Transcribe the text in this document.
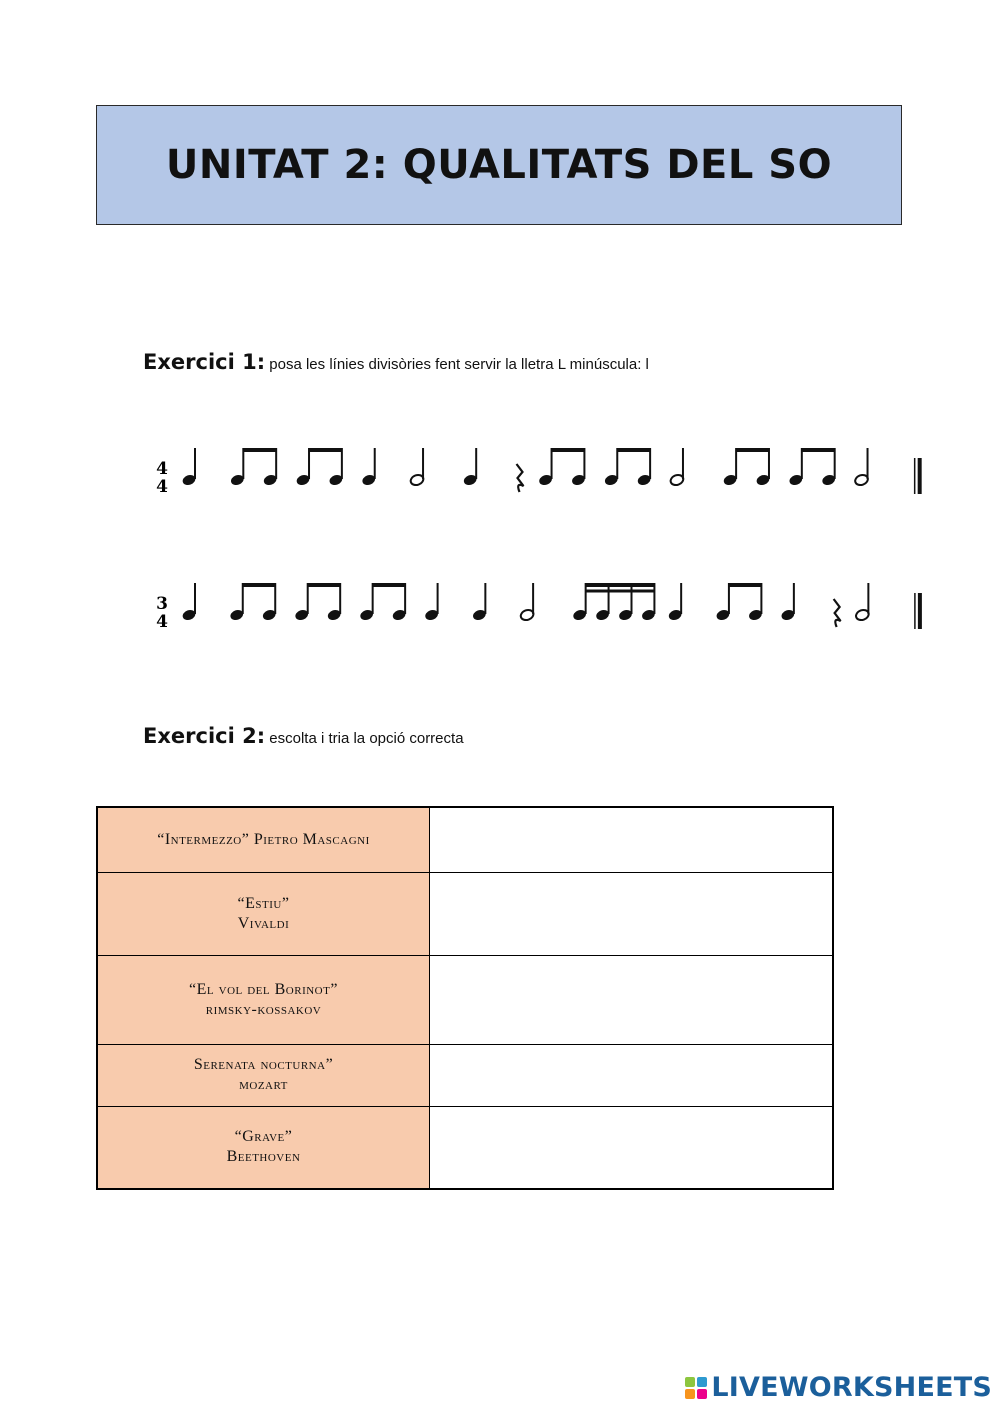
UNITAT 2: QUALITATS DEL SO
Exercici 1: posa les línies divisòries fent servir la lletra L minúscula: l
4
4
3
4
Exercici 2: escolta i tria la opció correcta
“Intermezzo” Pietro Mascagni	

“Estiu”
Vivaldi	

“El vol del Borinot”
rimsky-kossakov	

Serenata nocturna”
mozart	

“Grave”
Beethoven	

LIVEWORKSHEETS
